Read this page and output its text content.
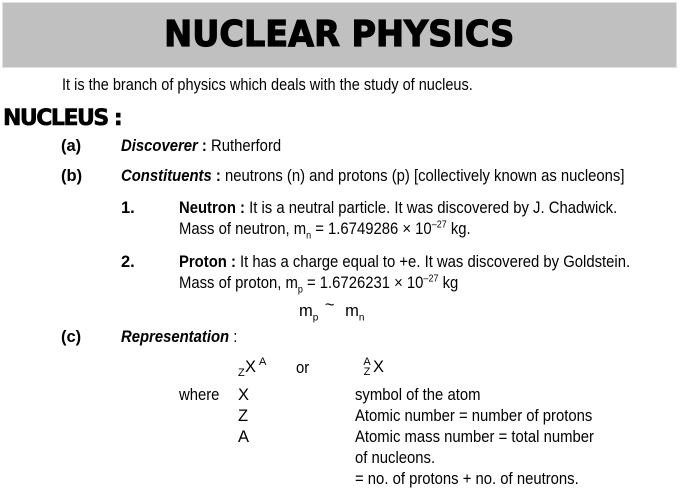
NUCLEAR PHYSICS
It is the branch of physics which deals with the study of nucleus.
NUCLEUS :
(a) Discoverer : Rutherford
(b) Constituents : neutrons (n) and protons (p) [collectively known as nucleons]
1.	Neutron : It is a neutral particle. It was discovered by J. Chadwick.
Mass of neutron, $m_n = 1.6749286 \times 10^{-27}$ kg.
2.	Proton : It has a charge equal to +e. It was discovered by Goldstein.
Mass of proton, $m_p = 1.6726231 \times 10^{-27}$ kg
$m_p$ ~ $m_n$
(c) Representation :
Z X A or	A
Z X
where X	symbol of the atom
Z	Atomic number = number of protons
A	Atomic mass number = total number
of nucleons.
= no. of protons + no. of neutrons.
